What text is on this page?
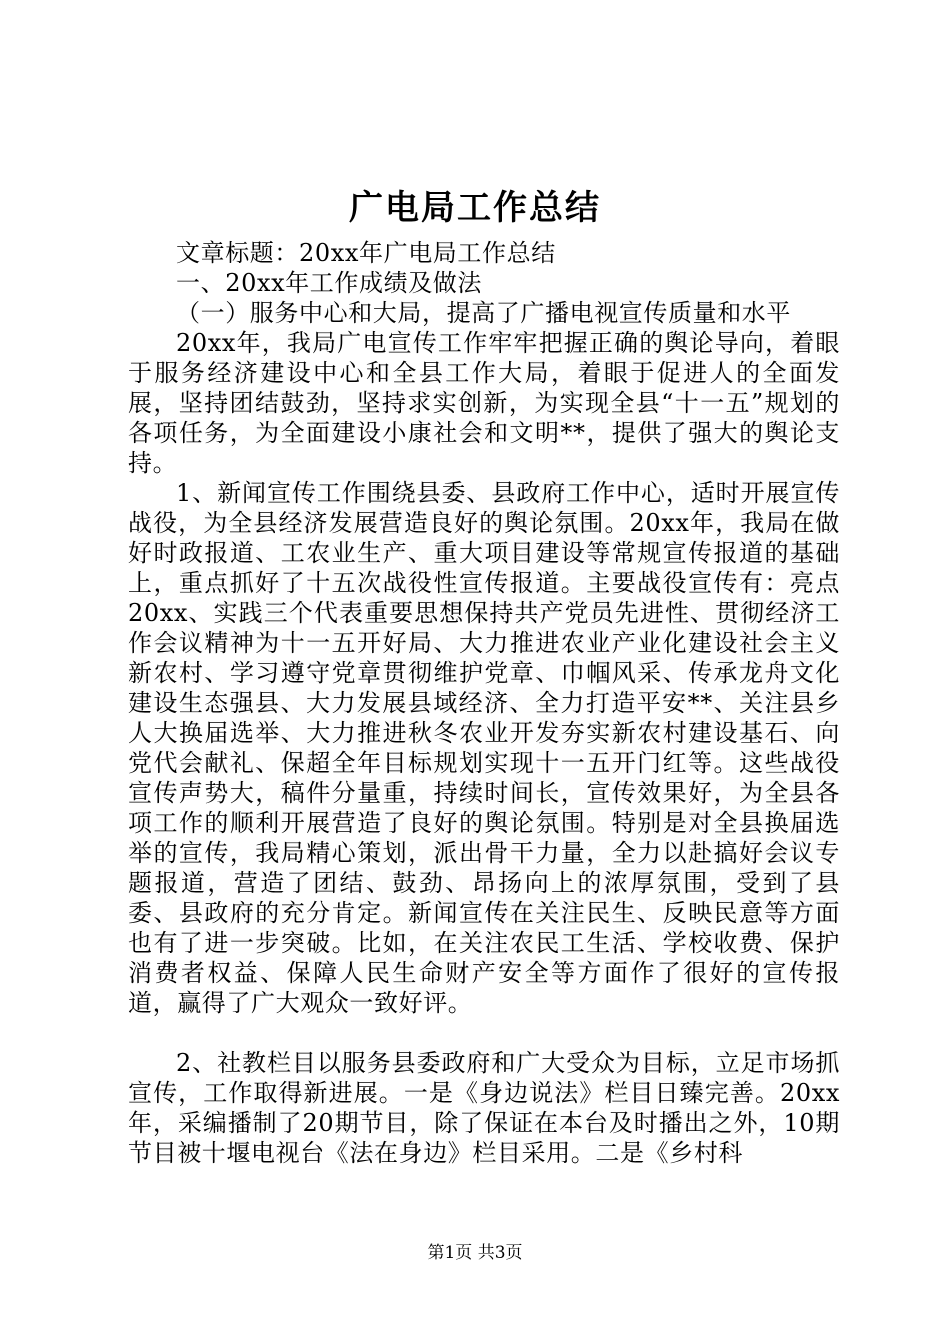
广电局工作总结

文章标题：20xx年广电局工作总结

一、20xx年工作成绩及做法

（一）服务中心和大局，提高了广播电视宣传质量和水平

20xx年，我局广电宣传工作牢牢把握正确的舆论导向，着眼于服务经济建设中心和全县工作大局，着眼于促进人的全面发展，坚持团结鼓劲，坚持求实创新，为实现全县“十一五”规划的各项任务，为全面建设小康社会和文明**，提供了强大的舆论支持。

1、新闻宣传工作围绕县委、县政府工作中心，适时开展宣传战役，为全县经济发展营造良好的舆论氛围。20xx年，我局在做好时政报道、工农业生产、重大项目建设等常规宣传报道的基础上，重点抓好了十五次战役性宣传报道。主要战役宣传有：亮点20xx、实践三个代表重要思想保持共产党员先进性、贯彻经济工作会议精神为十一五开好局、大力推进农业产业化建设社会主义新农村、学习遵守党章贯彻维护党章、巾帼风采、传承龙舟文化建设生态强县、大力发展县域经济、全力打造平安**、关注县乡人大换届选举、大力推进秋冬农业开发夯实新农村建设基石、向党代会献礼、保超全年目标规划实现十一五开门红等。这些战役宣传声势大，稿件分量重，持续时间长，宣传效果好，为全县各项工作的顺利开展营造了良好的舆论氛围。特别是对全县换届选举的宣传，我局精心策划，派出骨干力量，全力以赴搞好会议专题报道，营造了团结、鼓劲、昂扬向上的浓厚氛围，受到了县委、县政府的充分肯定。新闻宣传在关注民生、反映民意等方面也有了进一步突破。比如，在关注农民工生活、学校收费、保护消费者权益、保障人民生命财产安全等方面作了很好的宣传报道，赢得了广大观众一致好评。

2、社教栏目以服务县委政府和广大受众为目标，立足市场抓宣传，工作取得新进展。一是《身边说法》栏目日臻完善。20xx年，采编播制了20期节目，除了保证在本台及时播出之外，10期节目被十堰电视台《法在身边》栏目采用。二是《乡村科

第1页 共3页
